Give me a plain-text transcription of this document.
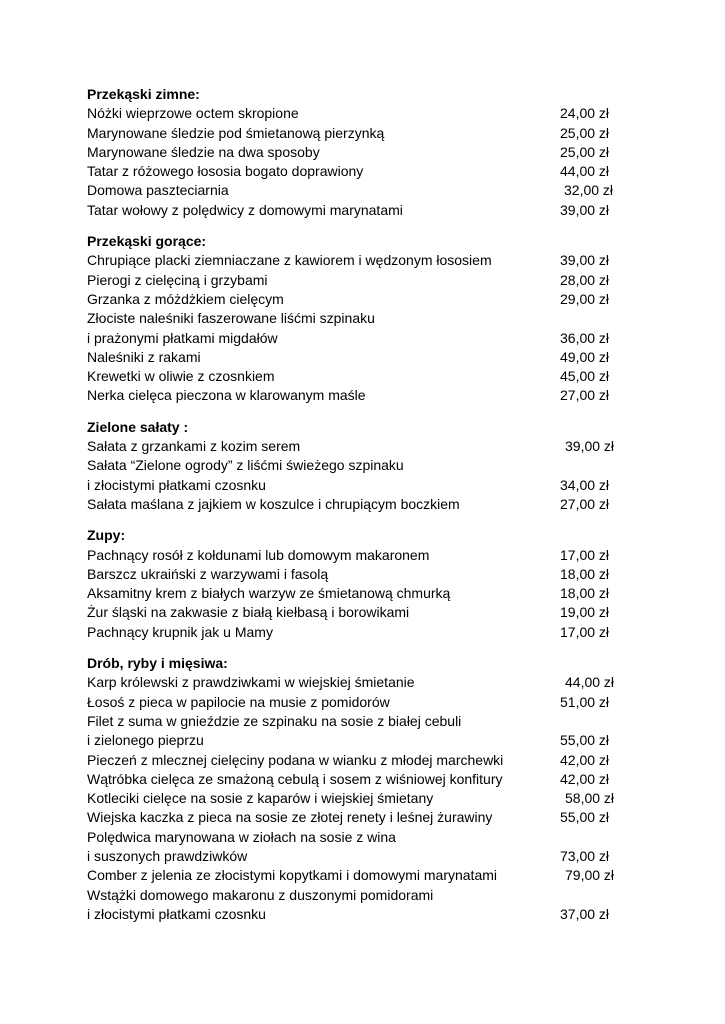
Przekąski zimne:
Nóżki wieprzowe octem skropione	24,00 zł
Marynowane śledzie pod śmietanową pierzynką	25,00 zł
Marynowane śledzie na dwa sposoby	25,00 zł
Tatar z różowego łososia bogato doprawiony	44,00 zł
Domowa paszteciarnia	32,00 zł
Tatar wołowy z polędwicy z domowymi marynatami	39,00 zł
Przekąski gorące:
Chrupiące placki ziemniaczane z kawiorem i wędzonym łososiem	39,00 zł
Pierogi z cielęciną i grzybami	28,00 zł
Grzanka z móżdżkiem cielęcym	29,00 zł
Złociste naleśniki faszerowane liśćmi szpinaku
i prażonymi płatkami migdałów	36,00 zł
Naleśniki z rakami	49,00 zł
Krewetki w oliwie z czosnkiem	45,00 zł
Nerka cielęca pieczona w klarowanym maśle	27,00 zł
Zielone sałaty :
Sałata z grzankami z kozim serem	39,00 zł
Sałata “Zielone ogrody” z liśćmi świeżego szpinaku
i złocistymi płatkami czosnku	34,00 zł
Sałata maślana z jajkiem w koszulce i chrupiącym boczkiem	27,00 zł
Zupy:
Pachnący rosół z kołdunami lub domowym makaronem	17,00 zł
Barszcz ukraiński z warzywami i fasolą	18,00 zł
Aksamitny krem z białych warzyw ze śmietanową chmurką	18,00 zł
Żur śląski na zakwasie z białą kiełbasą i borowikami	19,00 zł
Pachnący krupnik jak u Mamy	17,00 zł
Drób, ryby i mięsiwa:
Karp królewski z prawdziwkami w wiejskiej śmietanie	44,00 zł
Łosoś z pieca w papilocie na musie z pomidorów	51,00 zł
Filet z suma w gnieździe ze szpinaku na sosie z białej cebuli
i zielonego pieprzu	55,00 zł
Pieczeń z mlecznej cielęciny podana w wianku z młodej marchewki	42,00 zł
Wątróbka cielęca ze smażoną cebulą i sosem z wiśniowej konfitury	42,00 zł
Kotleciki cielęce na sosie z kaparów i wiejskiej śmietany	58,00 zł
Wiejska kaczka z pieca na sosie ze złotej renety i leśnej żurawiny	55,00 zł
Polędwica marynowana w ziołach na sosie z wina
i suszonych prawdziwków	73,00 zł
Comber z jelenia ze złocistymi kopytkami i domowymi marynatami	79,00 zł
Wstążki domowego makaronu z duszonymi pomidorami
i złocistymi płatkami czosnku	37,00 zł
